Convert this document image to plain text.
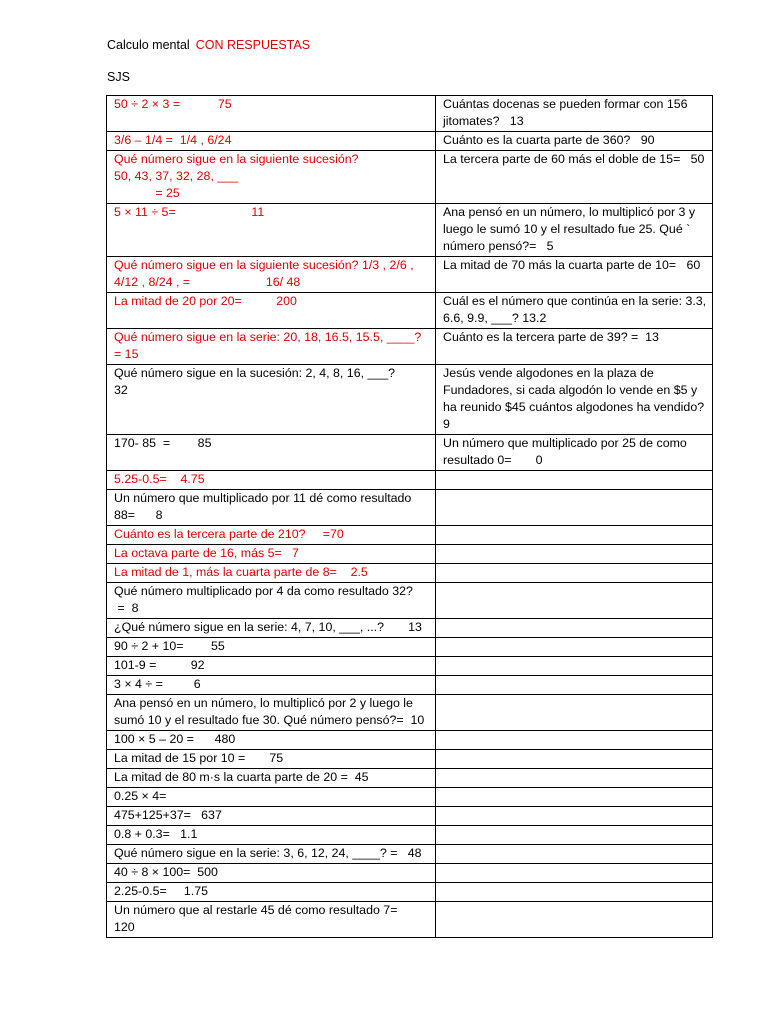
Calculo mental CON RESPUESTAS
SJS
50 ÷ 2 × 3 =           75	Cuántas docenas se pueden formar con 156 jitomates?   13
3/6 – 1/4 =  1/4 , 6/24	Cuánto es la cuarta parte de 360?   90
Qué número sigue en la siguiente sucesión?
50, 43, 37, 32, 28, ___
= 25	La tercera parte de 60 más el doble de 15=   50
5 × 11 ÷ 5=                      11	Ana pensó en un número, lo multiplicó por 3 y luego le sumó 10 y el resultado fue 25. Qué ` número pensó?=   5
Qué número sigue en la siguiente sucesión? 1/3 , 2/6 , 4/12 , 8/24 , =                      16/ 48	La mitad de 70 más la cuarta parte de 10=   60
La mitad de 20 por 20=          200	Cuál es el número que continúa en la serie: 3.3, 6.6, 9.9, ___? 13.2
Qué número sigue en la serie: 20, 18, 16.5, 15.5, ____? = 15	Cuánto es la tercera parte de 39? =  13
Qué número sigue en la sucesión: 2, 4, 8, 16, ___?
32	Jesús vende algodones en la plaza de Fundadores, si cada algodón lo vende en $5 y ha reunido $45 cuántos algodones ha vendido?   9
170- 85  =        85	Un número que multiplicado por 25 de como resultado 0=       0
5.25-0.5=    4.75	
Un número que multiplicado por 11 dé como resultado 88=      8	
Cuánto es la tercera parte de 210?     =70	
La octava parte de 16, más 5=   7	
La mitad de 1, más la cuarta parte de 8=    2.5	
Qué número multiplicado por 4 da como resultado 32?
=  8	
¿Qué número sigue en la serie: 4, 7, 10, ___, ...?       13	
90 ÷ 2 + 10=        55	
101-9 =          92	
3 × 4 ÷ =         6	
Ana pensó en un número, lo multiplicó por 2 y luego le sumó 10 y el resultado fue 30. Qué número pensó?=  10	
100 × 5 – 20 =      480	
La mitad de 15 por 10 =       75	
La mitad de 80 m·s la cuarta parte de 20 =  45	
0.25 × 4=	
475+125+37=   637	
0.8 + 0.3=   1.1	
Qué número sigue en la serie: 3, 6, 12, 24, ____? =   48	
40 ÷ 8 × 100=  500	
2.25-0.5=     1.75	
Un número que al restarle 45 dé como resultado 7=
120	
